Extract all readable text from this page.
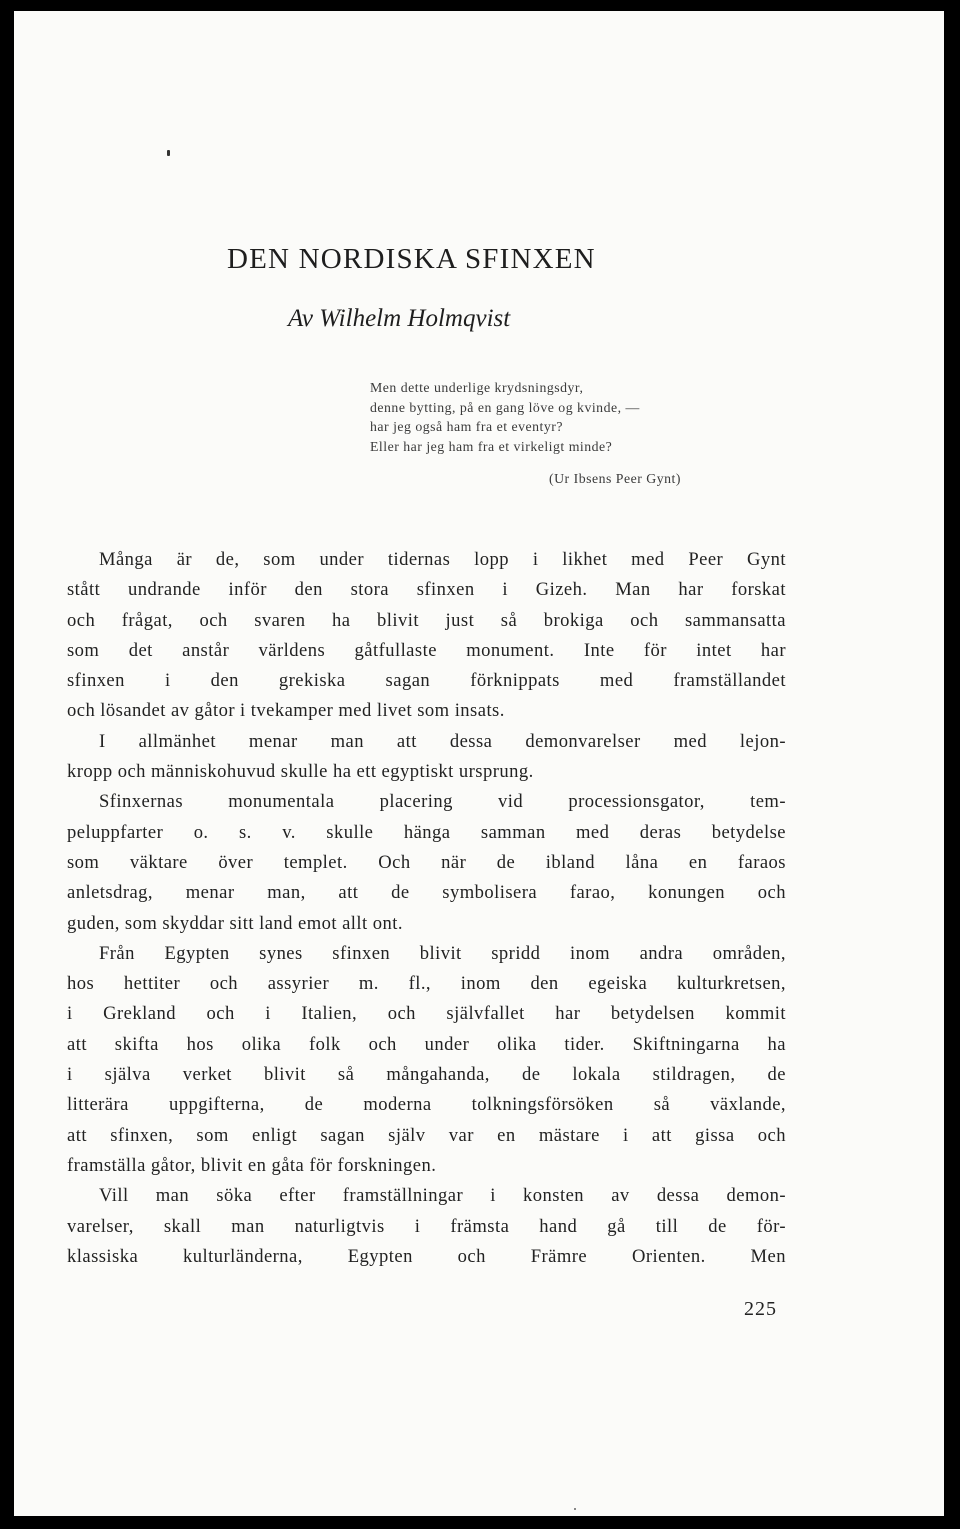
DEN NORDISKA SFINXEN

Av Wilhelm Holmqvist

Men dette underlige krydsningsdyr,
denne bytting, på en gang löve og kvinde, —
har jeg også ham fra et eventyr?
Eller har jeg ham fra et virkeligt minde?
(Ur Ibsens Peer Gynt)
Många är de, som under tidernas lopp i likhet med Peer Gynt
stått undrande inför den stora sfinxen i Gizeh. Man har forskat
och frågat, och svaren ha blivit just så brokiga och sammansatta
som det anstår världens gåtfullaste monument. Inte för intet har
sfinxen i den grekiska sagan förknippats med framställandet
och lösandet av gåtor i tvekamper med livet som insats.
I allmänhet menar man att dessa demonvarelser med lejon-
kropp och människohuvud skulle ha ett egyptiskt ursprung.
Sfinxernas monumentala placering vid processionsgator, tem-
peluppfarter o. s. v. skulle hänga samman med deras betydelse
som väktare över templet. Och när de ibland låna en faraos
anletsdrag, menar man, att de symbolisera farao, konungen och
guden, som skyddar sitt land emot allt ont.
Från Egypten synes sfinxen blivit spridd inom andra områden,
hos hettiter och assyrier m. fl., inom den egeiska kulturkretsen,
i Grekland och i Italien, och självfallet har betydelsen kommit
att skifta hos olika folk och under olika tider. Skiftningarna ha
i själva verket blivit så mångahanda, de lokala stildragen, de
litterära uppgifterna, de moderna tolkningsförsöken så växlande,
att sfinxen, som enligt sagan själv var en mästare i att gissa och
framställa gåtor, blivit en gåta för forskningen.
Vill man söka efter framställningar i konsten av dessa demon-
varelser, skall man naturligtvis i främsta hand gå till de för-
klassiska kulturländerna, Egypten och Främre Orienten. Men

225
